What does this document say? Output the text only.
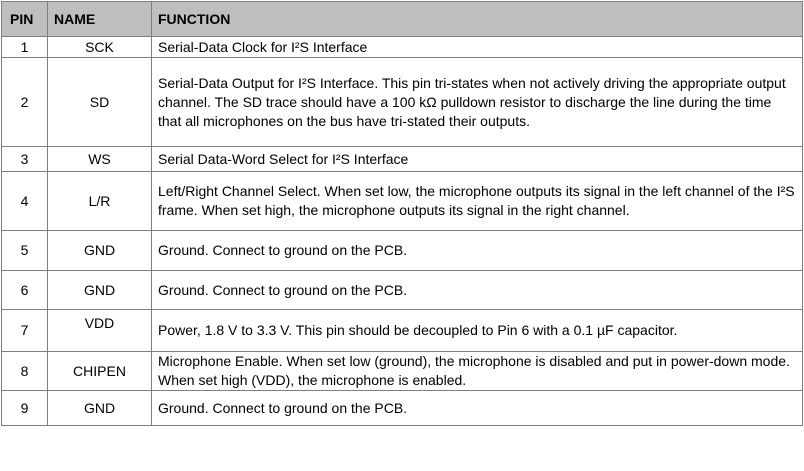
PIN	NAME	FUNCTION
1	SCK	Serial-Data Clock for I²S Interface
2	SD	Serial-Data Output for I²S Interface. This pin tri-states when not actively driving the appropriate output channel. The SD trace should have a 100 kΩ pulldown resistor to discharge the line during the time that all microphones on the bus have tri-stated their outputs.
3	WS	Serial Data-Word Select for I²S Interface
4	L/R	Left/Right Channel Select. When set low, the microphone outputs its signal in the left channel of the I²S frame. When set high, the microphone outputs its signal in the right channel.
5	GND	Ground. Connect to ground on the PCB.
6	GND	Ground. Connect to ground on the PCB.
7	VDD	Power, 1.8 V to 3.3 V. This pin should be decoupled to Pin 6 with a 0.1 µF capacitor.
8	CHIPEN	Microphone Enable. When set low (ground), the microphone is disabled and put in power-down mode. When set high (VDD), the microphone is enabled.
9	GND	Ground. Connect to ground on the PCB.
